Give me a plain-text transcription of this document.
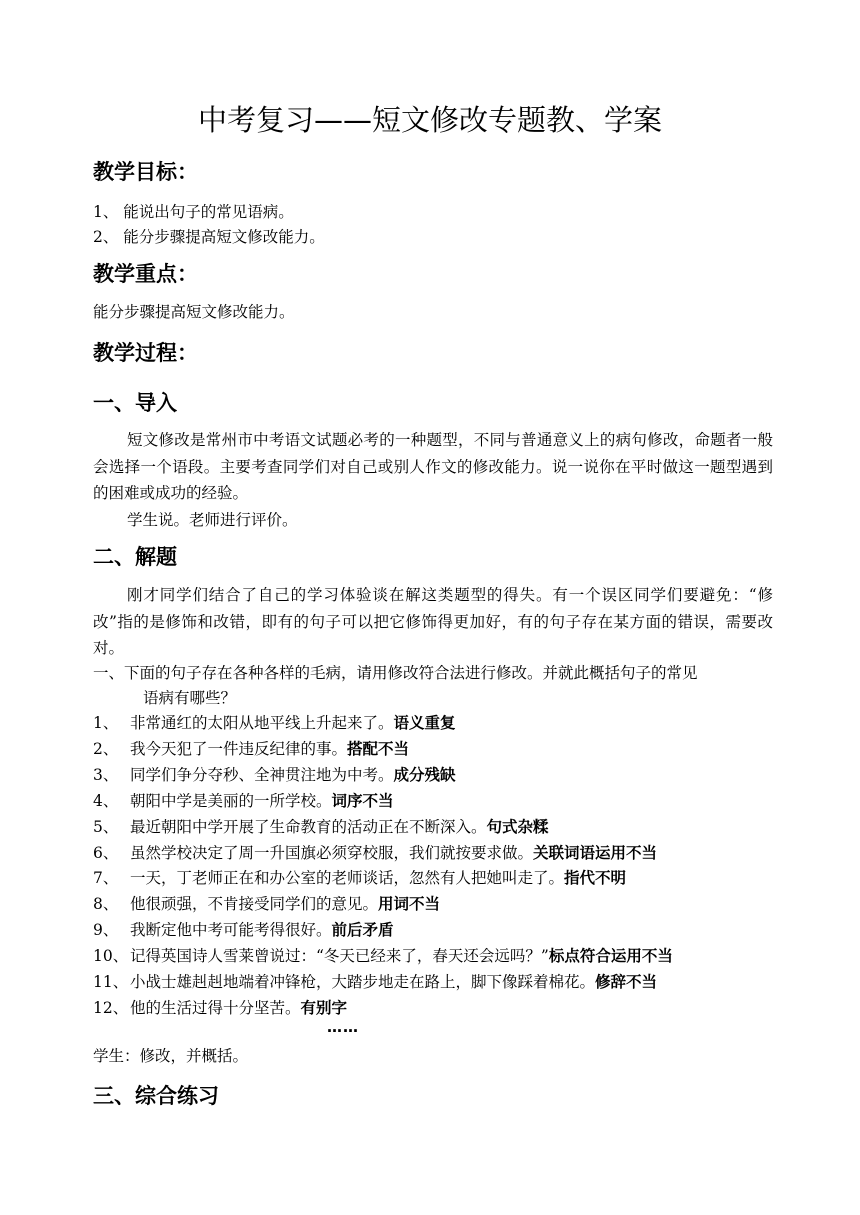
中考复习——短文修改专题教、学案
教学目标：
1、 能说出句子的常见语病。
2、 能分步骤提高短文修改能力。
教学重点：
能分步骤提高短文修改能力。
教学过程：
一、导入
短文修改是常州市中考语文试题必考的一种题型，不同与普通意义上的病句修改，命题者一般会选择一个语段。主要考查同学们对自己或别人作文的修改能力。说一说你在平时做这一题型遇到的困难或成功的经验。
学生说。老师进行评价。
二、解题
刚才同学们结合了自己的学习体验谈在解这类题型的得失。有一个误区同学们要避免：“修改”指的是修饰和改错，即有的句子可以把它修饰得更加好，有的句子存在某方面的错误，需要改对。
一、下面的句子存在各种各样的毛病，请用修改符合法进行修改。并就此概括句子的常见
语病有哪些？
1、 非常通红的太阳从地平线上升起来了。语义重复
2、 我今天犯了一件违反纪律的事。搭配不当
3、 同学们争分夺秒、全神贯注地为中考。成分残缺
4、 朝阳中学是美丽的一所学校。词序不当
5、 最近朝阳中学开展了生命教育的活动正在不断深入。句式杂糅
6、 虽然学校决定了周一升国旗必须穿校服，我们就按要求做。关联词语运用不当
7、 一天，丁老师正在和办公室的老师谈话，忽然有人把她叫走了。指代不明
8、 他很顽强，不肯接受同学们的意见。用词不当
9、 我断定他中考可能考得很好。前后矛盾
10、 记得英国诗人雪莱曾说过：“冬天已经来了，春天还会远吗？”标点符合运用不当
11、 小战士雄赳赳地端着冲锋枪，大踏步地走在路上，脚下像踩着棉花。修辞不当
12、 他的生活过得十分坚苦。有别字
……
学生：修改，并概括。
三、综合练习
